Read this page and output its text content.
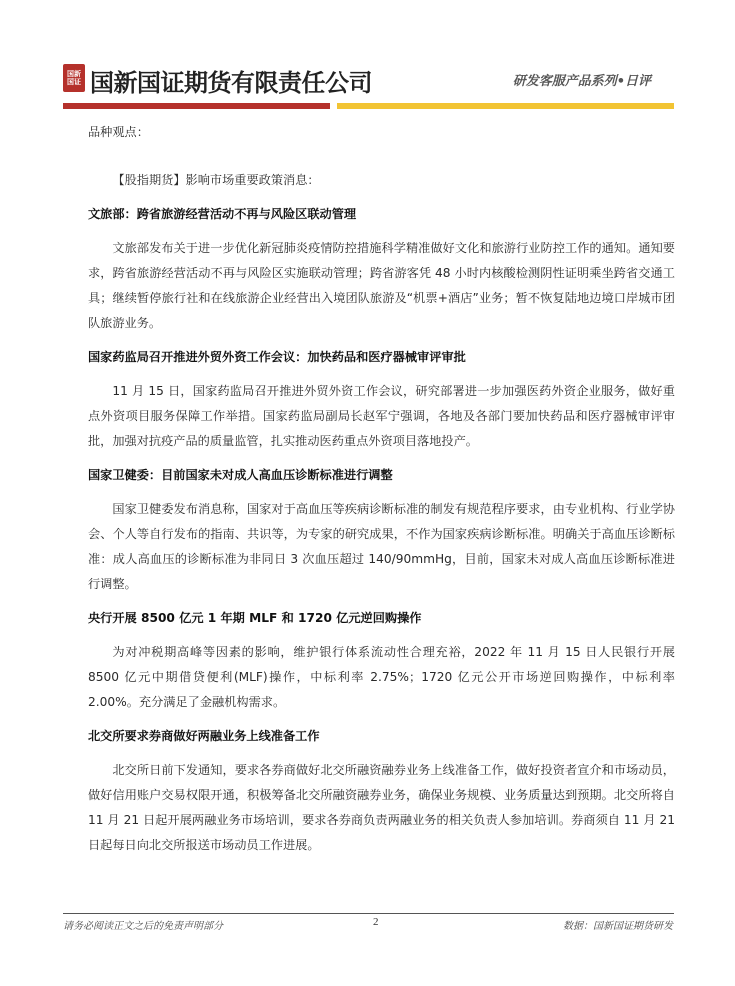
国新国证 国新国证期货有限责任公司	研发客服产品系列•日评
品种观点：
【股指期货】影响市场重要政策消息：
文旅部：跨省旅游经营活动不再与风险区联动管理
文旅部发布关于进一步优化新冠肺炎疫情防控措施科学精准做好文化和旅游行业防控工作的通知。通知要求，跨省旅游经营活动不再与风险区实施联动管理；跨省游客凭 48 小时内核酸检测阴性证明乘坐跨省交通工具；继续暂停旅行社和在线旅游企业经营出入境团队旅游及“机票+酒店”业务；暂不恢复陆地边境口岸城市团队旅游业务。
国家药监局召开推进外贸外资工作会议：加快药品和医疗器械审评审批
11 月 15 日，国家药监局召开推进外贸外资工作会议，研究部署进一步加强医药外资企业服务，做好重点外资项目服务保障工作举措。国家药监局副局长赵军宁强调，各地及各部门要加快药品和医疗器械审评审批，加强对抗疫产品的质量监管，扎实推动医药重点外资项目落地投产。
国家卫健委：目前国家未对成人高血压诊断标准进行调整
国家卫健委发布消息称，国家对于高血压等疾病诊断标准的制发有规范程序要求，由专业机构、行业学协会、个人等自行发布的指南、共识等，为专家的研究成果，不作为国家疾病诊断标准。明确关于高血压诊断标准：成人高血压的诊断标准为非同日 3 次血压超过 140/90mmHg，目前，国家未对成人高血压诊断标准进行调整。
央行开展 8500 亿元 1 年期 MLF 和 1720 亿元逆回购操作
为对冲税期高峰等因素的影响，维护银行体系流动性合理充裕，2022 年 11 月 15 日人民银行开展 8500 亿元中期借贷便利(MLF)操作，中标利率 2.75%；1720 亿元公开市场逆回购操作，中标利率 2.00%。充分满足了金融机构需求。
北交所要求券商做好两融业务上线准备工作
北交所日前下发通知，要求各券商做好北交所融资融券业务上线准备工作，做好投资者宣介和市场动员，做好信用账户交易权限开通，积极筹备北交所融资融券业务，确保业务规模、业务质量达到预期。北交所将自 11 月 21 日起开展两融业务市场培训，要求各券商负责两融业务的相关负责人参加培训。券商须自 11 月 21 日起每日向北交所报送市场动员工作进展。
请务必阅读正文之后的免责声明部分	2	数据：国新国证期货研发
